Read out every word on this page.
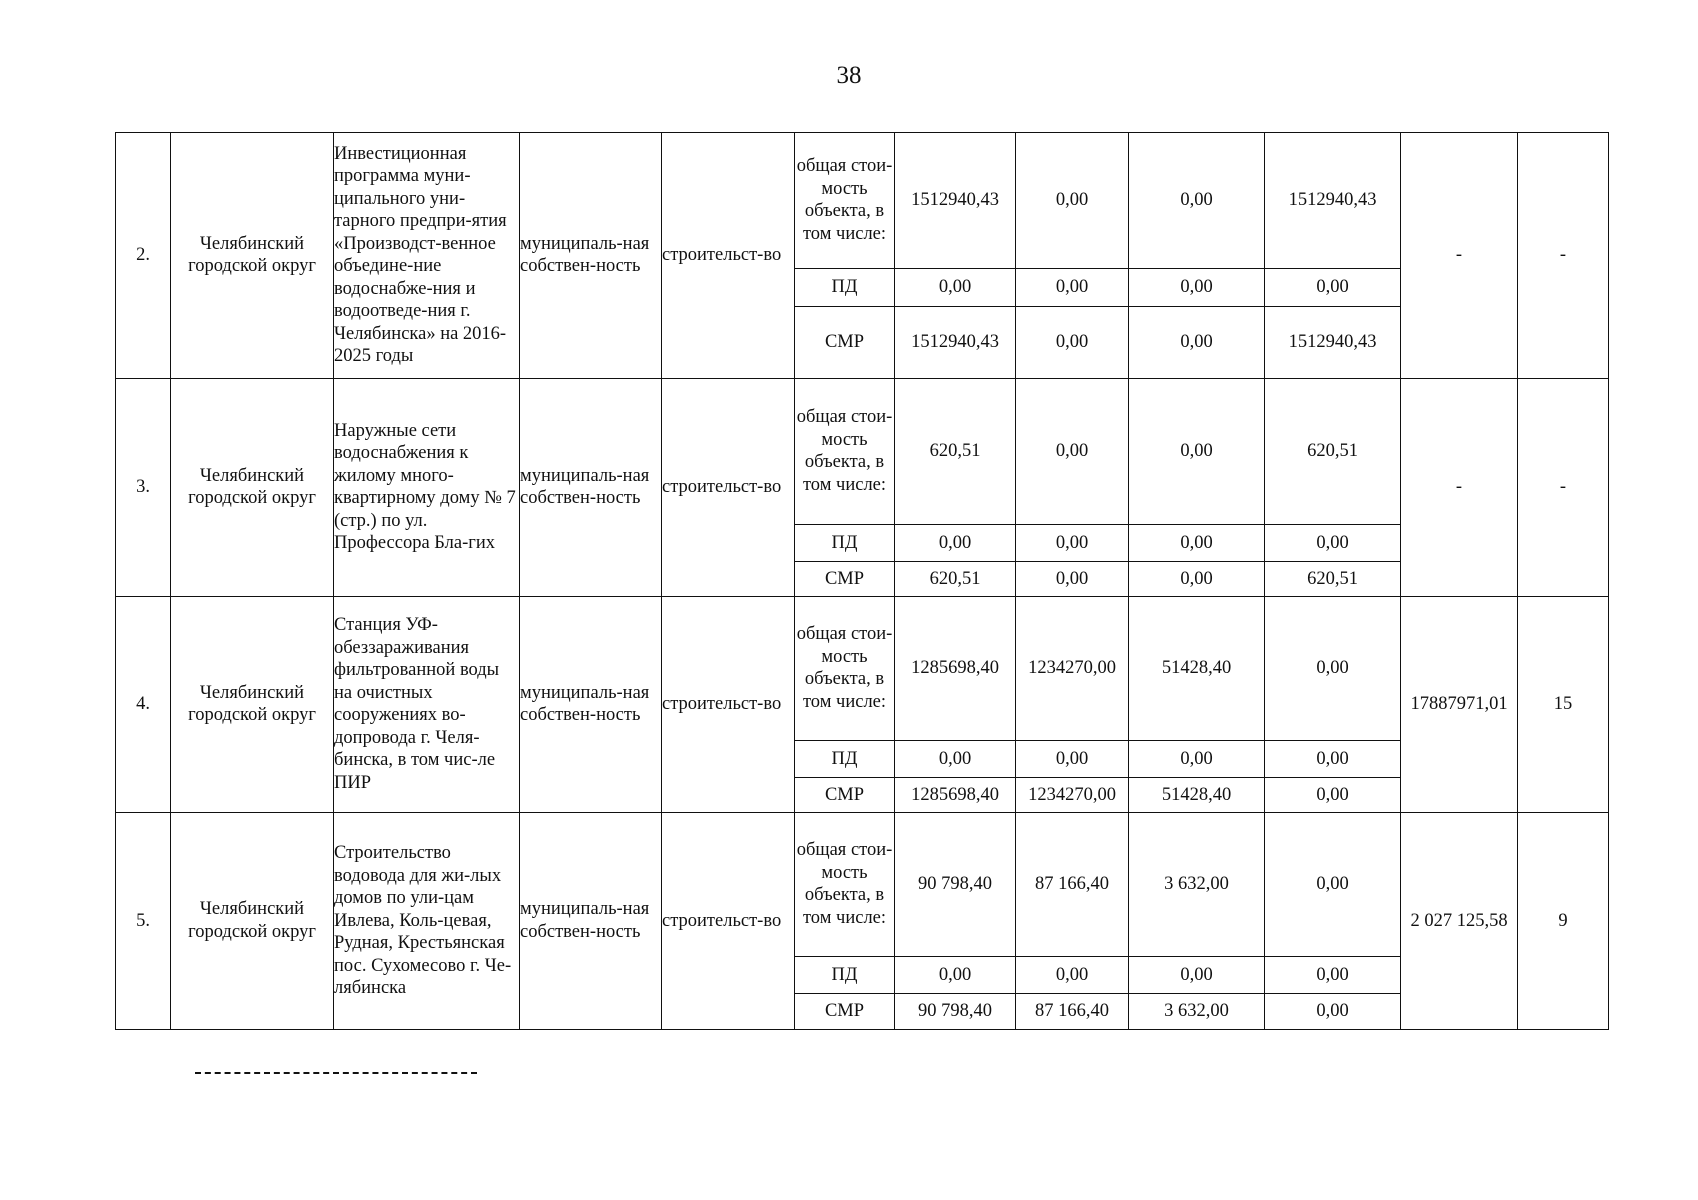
38
2.	Челябинский городской округ	Инвестиционная программа муни-ципального уни-тарного предпри-ятия «Производст-венное объедине-ние водоснабже-ния и водоотведе-ния г. Челябинска» на 2016-2025 годы	муниципаль-ная собствен-ность	строительст-во	общая стои-мость объекта, в том числе:	1512940,43	0,00	0,00	1512940,43	-	-
					ПД	0,00	0,00	0,00	0,00		
					СМР	1512940,43	0,00	0,00	1512940,43		
3.	Челябинский городской округ	Наружные сети водоснабжения к жилому много-квартирному дому № 7 (стр.) по ул. Профессора Бла-гих	муниципаль-ная собствен-ность	строительст-во	общая стои-мость объекта, в том числе:	620,51	0,00	0,00	620,51	-	-
					ПД	0,00	0,00	0,00	0,00		
					СМР	620,51	0,00	0,00	620,51		
4.	Челябинский городской округ	Станция УФ-обеззараживания фильтрованной воды на очистных сооружениях во-допровода г. Челя-бинска, в том чис-ле ПИР	муниципаль-ная собствен-ность	строительст-во	общая стои-мость объекта, в том числе:	1285698,40	1234270,00	51428,40	0,00	17887971,01	15
					ПД	0,00	0,00	0,00	0,00		
					СМР	1285698,40	1234270,00	51428,40	0,00		
5.	Челябинский городской округ	Строительство водовода для жи-лых домов по ули-цам Ивлева, Коль-цевая, Рудная, Крестьянская пос. Сухомесово г. Че-лябинска	муниципаль-ная собствен-ность	строительст-во	общая стои-мость объекта, в том числе:	90 798,40	87 166,40	3 632,00	0,00	2 027 125,58	9
					ПД	0,00	0,00	0,00	0,00		
					СМР	90 798,40	87 166,40	3 632,00	0,00		
